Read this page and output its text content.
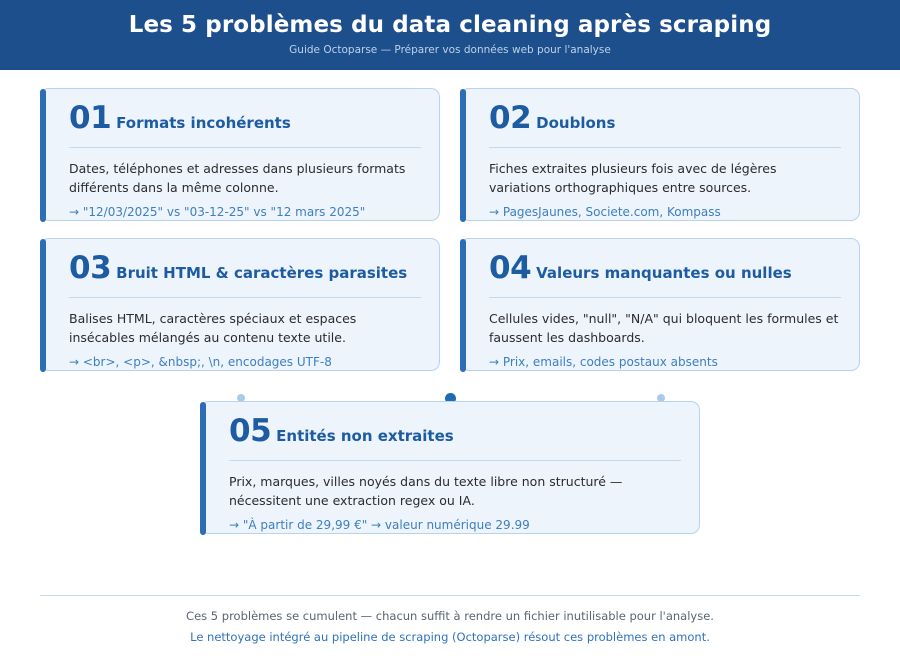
Les 5 problèmes du data cleaning après scraping
Guide Octoparse — Préparer vos données web pour l'analyse
01 Formats incohérents
Dates, téléphones et adresses dans plusieurs formats différents dans la même colonne.
→ "12/03/2025" vs "03-12-25" vs "12 mars 2025"
02 Doublons
Fiches extraites plusieurs fois avec de légères variations orthographiques entre sources.
→ PagesJaunes, Societe.com, Kompass
03 Bruit HTML & caractères parasites
Balises HTML, caractères spéciaux et espaces insécables mélangés au contenu texte utile.
→ <br>, <p>, &nbsp;, \n, encodages UTF-8
04 Valeurs manquantes ou nulles
Cellules vides, "null", "N/A" qui bloquent les formules et faussent les dashboards.
→ Prix, emails, codes postaux absents
05 Entités non extraites
Prix, marques, villes noyés dans du texte libre non structuré — nécessitent une extraction regex ou IA.
→ "À partir de 29,99 €" → valeur numérique 29.99
Ces 5 problèmes se cumulent — chacun suffit à rendre un fichier inutilisable pour l'analyse.
Le nettoyage intégré au pipeline de scraping (Octoparse) résout ces problèmes en amont.
